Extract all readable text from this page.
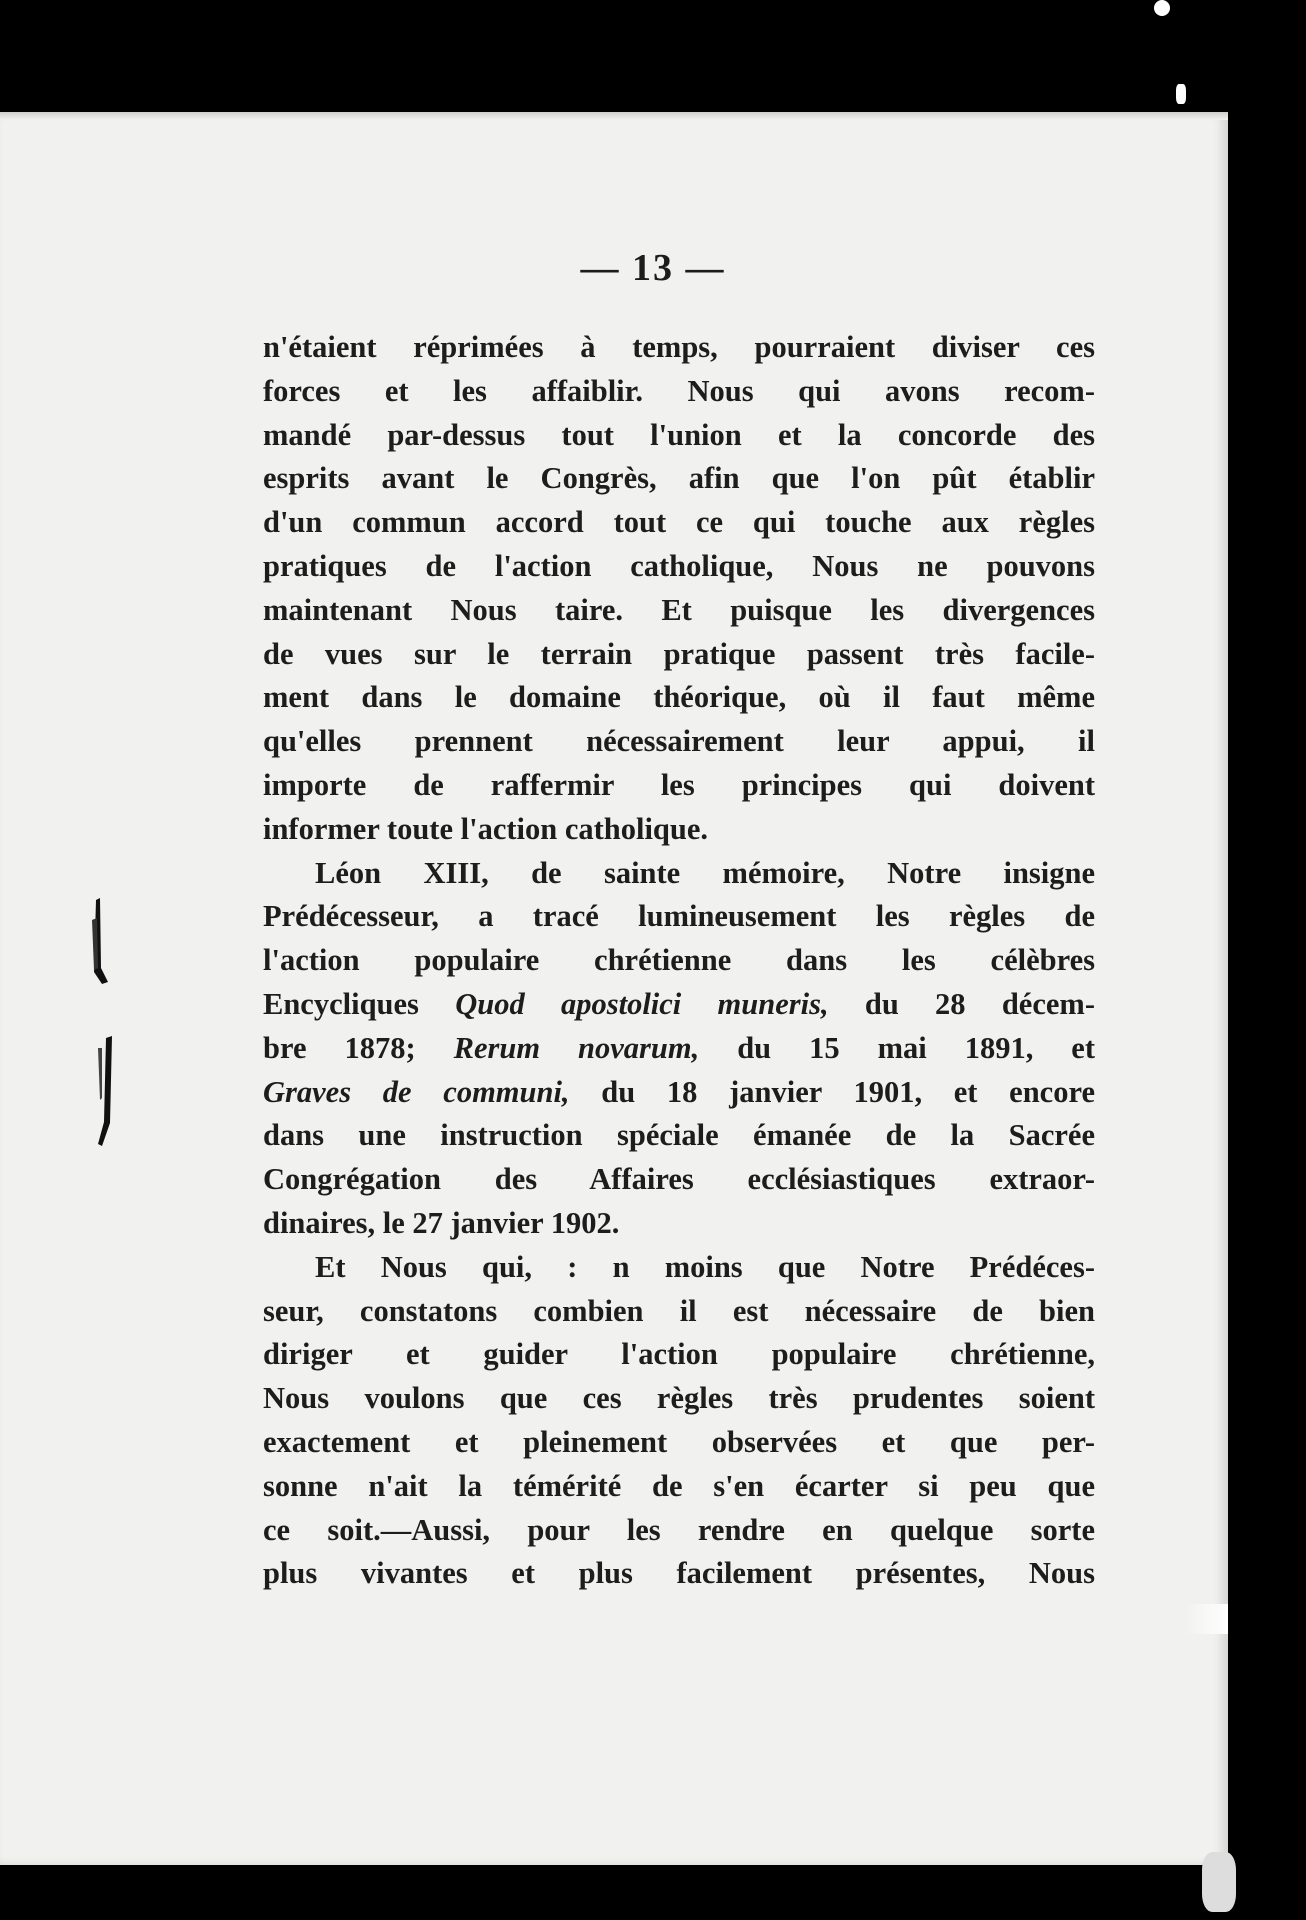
— 13 —
n'étaient réprimées à temps, pourraient diviser ces
forces et les affaiblir. Nous qui avons recom-
mandé par-dessus tout l'union et la concorde des
esprits avant le Congrès, afin que l'on pût établir
d'un commun accord tout ce qui touche aux règles
pratiques de l'action catholique, Nous ne pouvons
maintenant Nous taire. Et puisque les divergences
de vues sur le terrain pratique passent très facile-
ment dans le domaine théorique, où il faut même
qu'elles prennent nécessairement leur appui, il
importe de raffermir les principes qui doivent
informer toute l'action catholique.
Léon XIII, de sainte mémoire, Notre insigne
Prédécesseur, a tracé lumineusement les règles de
l'action populaire chrétienne dans les célèbres
Encycliques Quod apostolici muneris, du 28 décem-
bre 1878; Rerum novarum, du 15 mai 1891, et
Graves de communi, du 18 janvier 1901, et encore
dans une instruction spéciale émanée de la Sacrée
Congrégation des Affaires ecclésiastiques extraor-
dinaires, le 27 janvier 1902.
Et Nous qui, : n moins que Notre Prédéces-
seur, constatons combien il est nécessaire de bien
diriger et guider l'action populaire chrétienne,
Nous voulons que ces règles très prudentes soient
exactement et pleinement observées et que per-
sonne n'ait la témérité de s'en écarter si peu que
ce soit.—Aussi, pour les rendre en quelque sorte
plus vivantes et plus facilement présentes, Nous
